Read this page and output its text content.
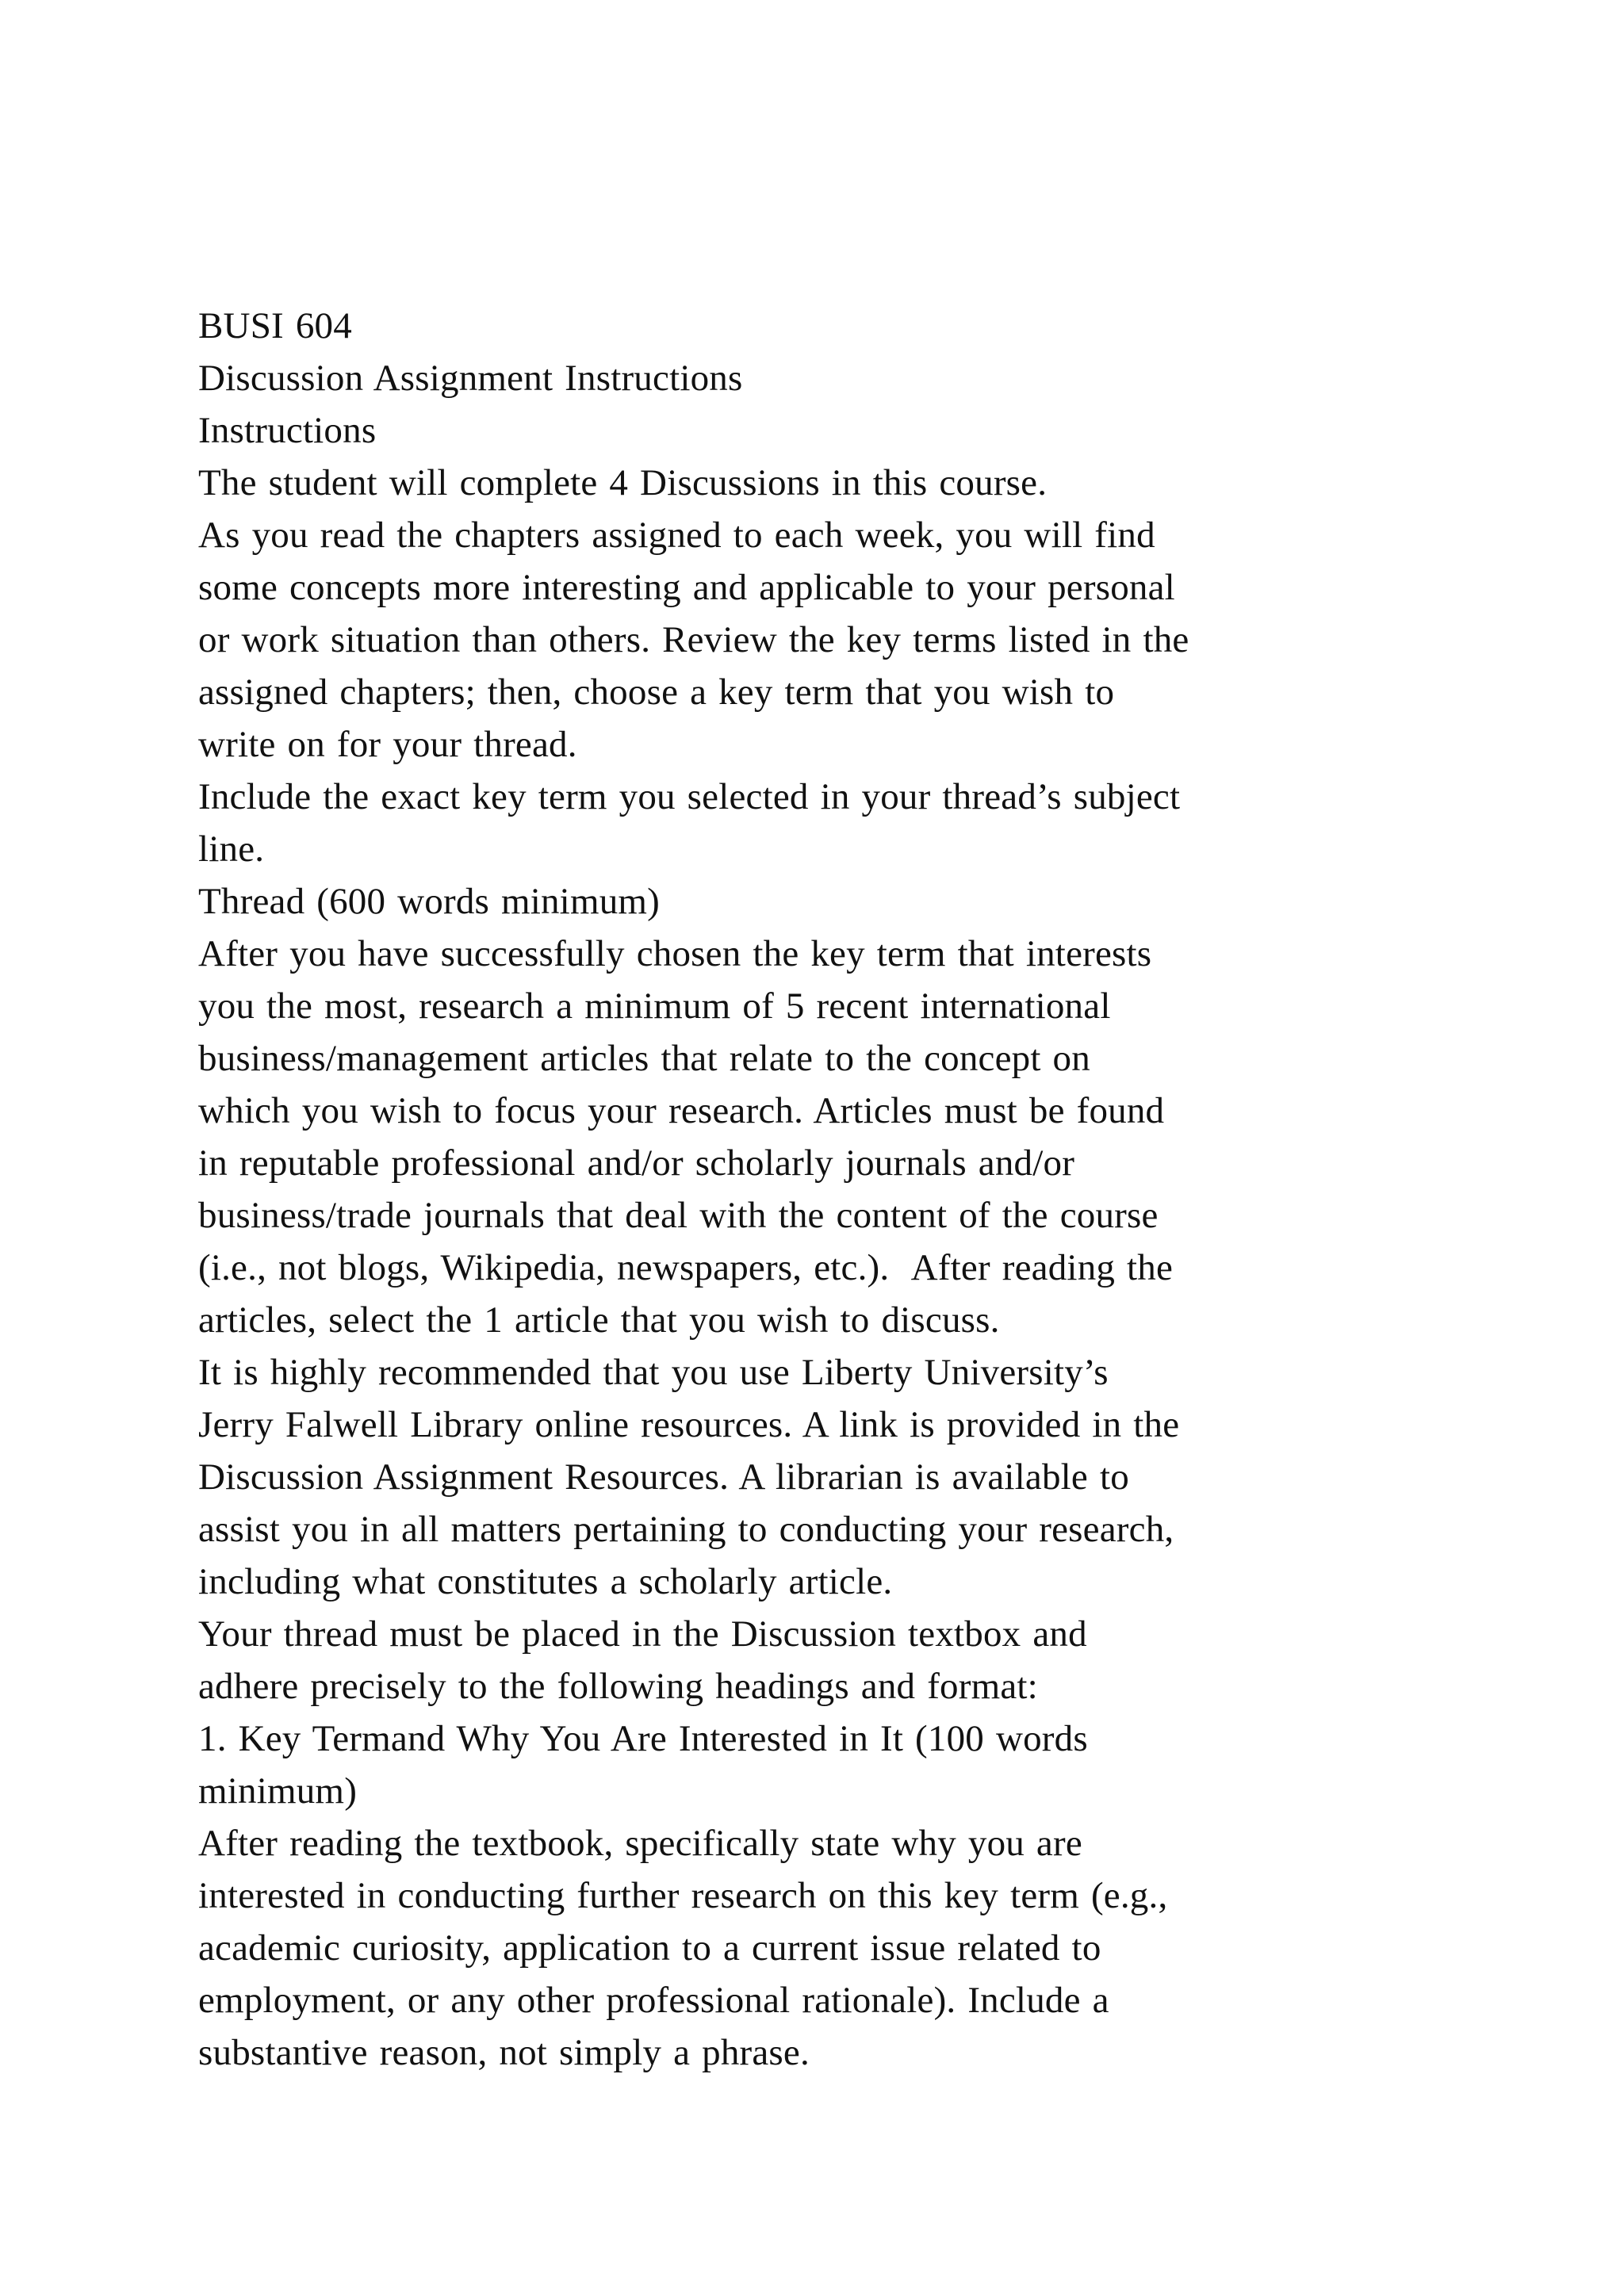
BUSI 604
Discussion Assignment Instructions
Instructions
The student will complete 4 Discussions in this course.
As you read the chapters assigned to each week, you will find
some concepts more interesting and applicable to your personal
or work situation than others. Review the key terms listed in the
assigned chapters; then, choose a key term that you wish to
write on for your thread.
Include the exact key term you selected in your thread’s subject
line.
Thread (600 words minimum)
After you have successfully chosen the key term that interests
you the most, research a minimum of 5 recent international
business/management articles that relate to the concept on
which you wish to focus your research. Articles must be found
in reputable professional and/or scholarly journals and/or
business/trade journals that deal with the content of the course
(i.e., not blogs, Wikipedia, newspapers, etc.).  After reading the
articles, select the 1 article that you wish to discuss.
It is highly recommended that you use Liberty University’s
Jerry Falwell Library online resources. A link is provided in the
Discussion Assignment Resources. A librarian is available to
assist you in all matters pertaining to conducting your research,
including what constitutes a scholarly article.
Your thread must be placed in the Discussion textbox and
adhere precisely to the following headings and format:
1. Key Termand Why You Are Interested in It (100 words
minimum)
After reading the textbook, specifically state why you are
interested in conducting further research on this key term (e.g.,
academic curiosity, application to a current issue related to
employment, or any other professional rationale). Include a
substantive reason, not simply a phrase.
